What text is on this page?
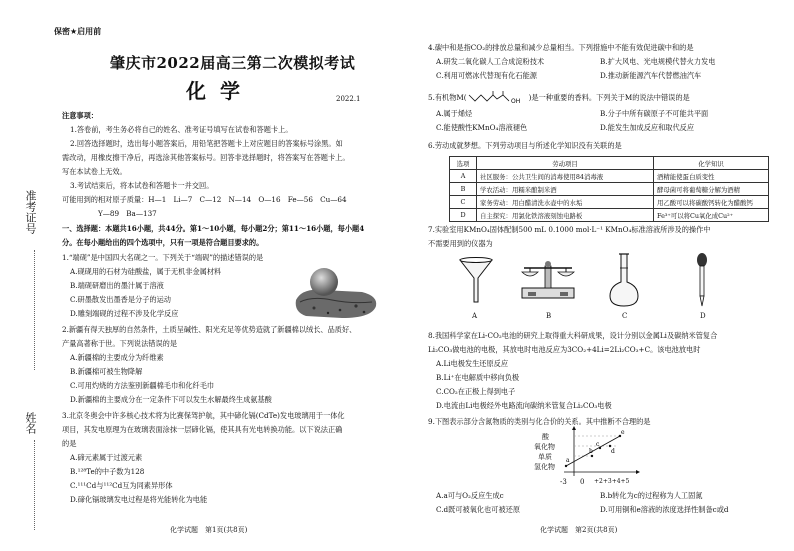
准考证号
姓名
保密★启用前
肇庆市2022届高三第二次模拟考试
化学	2022.1
注意事项：
1.答卷前，考生务必将自己的姓名、准考证号填写在试卷和答题卡上。
2.回答选择题时，选出每小题答案后，用铅笔把答题卡上对应题目的答案标号涂黑。如
需改动，用橡皮擦干净后，再选涂其他答案标号。回答非选择题时，将答案写在答题卡上。
写在本试卷上无效。
3.考试结束后，将本试卷和答题卡一并交回。
可能用到的相对原子质量：H—1　Li—7　C—12　N—14　O—16　Fe—56　Cu—64
Y—89　Ba—137
一、选择题：本题共16小题，共44分。第1～10小题，每小题2分；第11～16小题，每小题4
分。在每小题给出的四个选项中，只有一项是符合题目要求的。
1.“端砚”是中国四大名砚之一。下列关于“端砚”的描述错误的是
A.砚砚用的石材为硅酸盐，属于无机非金属材料
B.端砚研磨出的墨汁属于溶液
C.研墨散发出墨香是分子的运动
D.雕刻端砚的过程不涉及化学反应
2.新疆有得天独厚的自然条件，土质呈碱性、阳光充足等优势造就了新疆棉以绒长、品质好、
产量高著称于世。下列说法错误的是
A.新疆棉的主要成分为纤维素
B.新疆棉可被生物降解
C.可用灼烧的方法鉴别新疆棉毛巾和化纤毛巾
D.新疆棉的主要成分在一定条件下可以发生水解最终生成氨基酸
3.北京冬奥会中许多核心技术将为比赛保驾护航，其中碲化镉(CdTe)发电玻璃用于一体化
项目，其发电原理为在玻璃表面涂抹一层碲化镉，使其具有光电转换功能。以下说法正确
的是
A.碲元素属于过渡元素
B.¹²⁸Te的中子数为128
C.¹¹¹Cd与¹¹²Cd互为同素异形体
D.碲化镉玻璃发电过程是将光能转化为电能
化学试题　第1页(共8页)
4.碳中和是指CO₂的排放总量和减少总量相当。下列措施中不能有效促进碳中和的是
A.研发二氧化碳人工合成淀粉技术	B.扩大风电、光电规模代替火力发电
C.利用可燃冰代替现有化石能源	D.推动新能源汽车代替燃油汽车
5.有机物M(	OH )是一种重要的香料。下列关于M的说法中错误的是
A.属于烯烃	B.分子中所有碳原子不可能共平面
C.能使酸性KMnO₄溶液褪色	D.能发生加成反应和取代反应
6.劳动成就梦想。下列劳动项目与所述化学知识没有关联的是
选项	劳动项目	化学知识
A	社区服务：公共卫生间的消毒使用84消毒液	酒精能使蛋白质变性
B	学农活动：用糯米酿制米酒	酵母菌可将葡萄糖分解为酒精
C	家务劳动：用白醋清洗水壶中的水垢	用乙酸可以将碳酸钙转化为醋酸钙
D	自主探究：用氯化铁溶液刻蚀电路板	Fe³⁺可以将Cu氧化成Cu²⁺
7.实验室用KMnO₄固体配制500 mL 0.1000 mol·L⁻¹ KMnO₄标准溶液所涉及的操作中
不需要用到的仪器为
A	B	C	D
8.我国科学家在Li-CO₂电池的研究上取得重大科研成果，设计分别以金属Li及碳纳米管复合
Li₂CO₃做电池的电极，其放电时电池反应为3CO₂+4Li=2Li₂CO₃+C。该电池放电时
A.Li电极发生还原反应
B.Li⁺在电解质中移向负极
C.CO₂在正极上得到电子
D.电流由Li电极经外电路流向碳纳米管复合Li₂CO₃电极
9.下图表示部分含氮物质的类别与化合价的关系。其中推断不合理的是
酸
氧化物
单质
氢化物
a
b
c
d
e
-3 0 +2+3+4+5
A.a可与O₂反应生成c	B.b转化为c的过程称为人工固氮
C.d既可被氧化也可被还原	D.可用铜和e溶液的浓度选择性制备c或d
化学试题　第2页(共8页)
